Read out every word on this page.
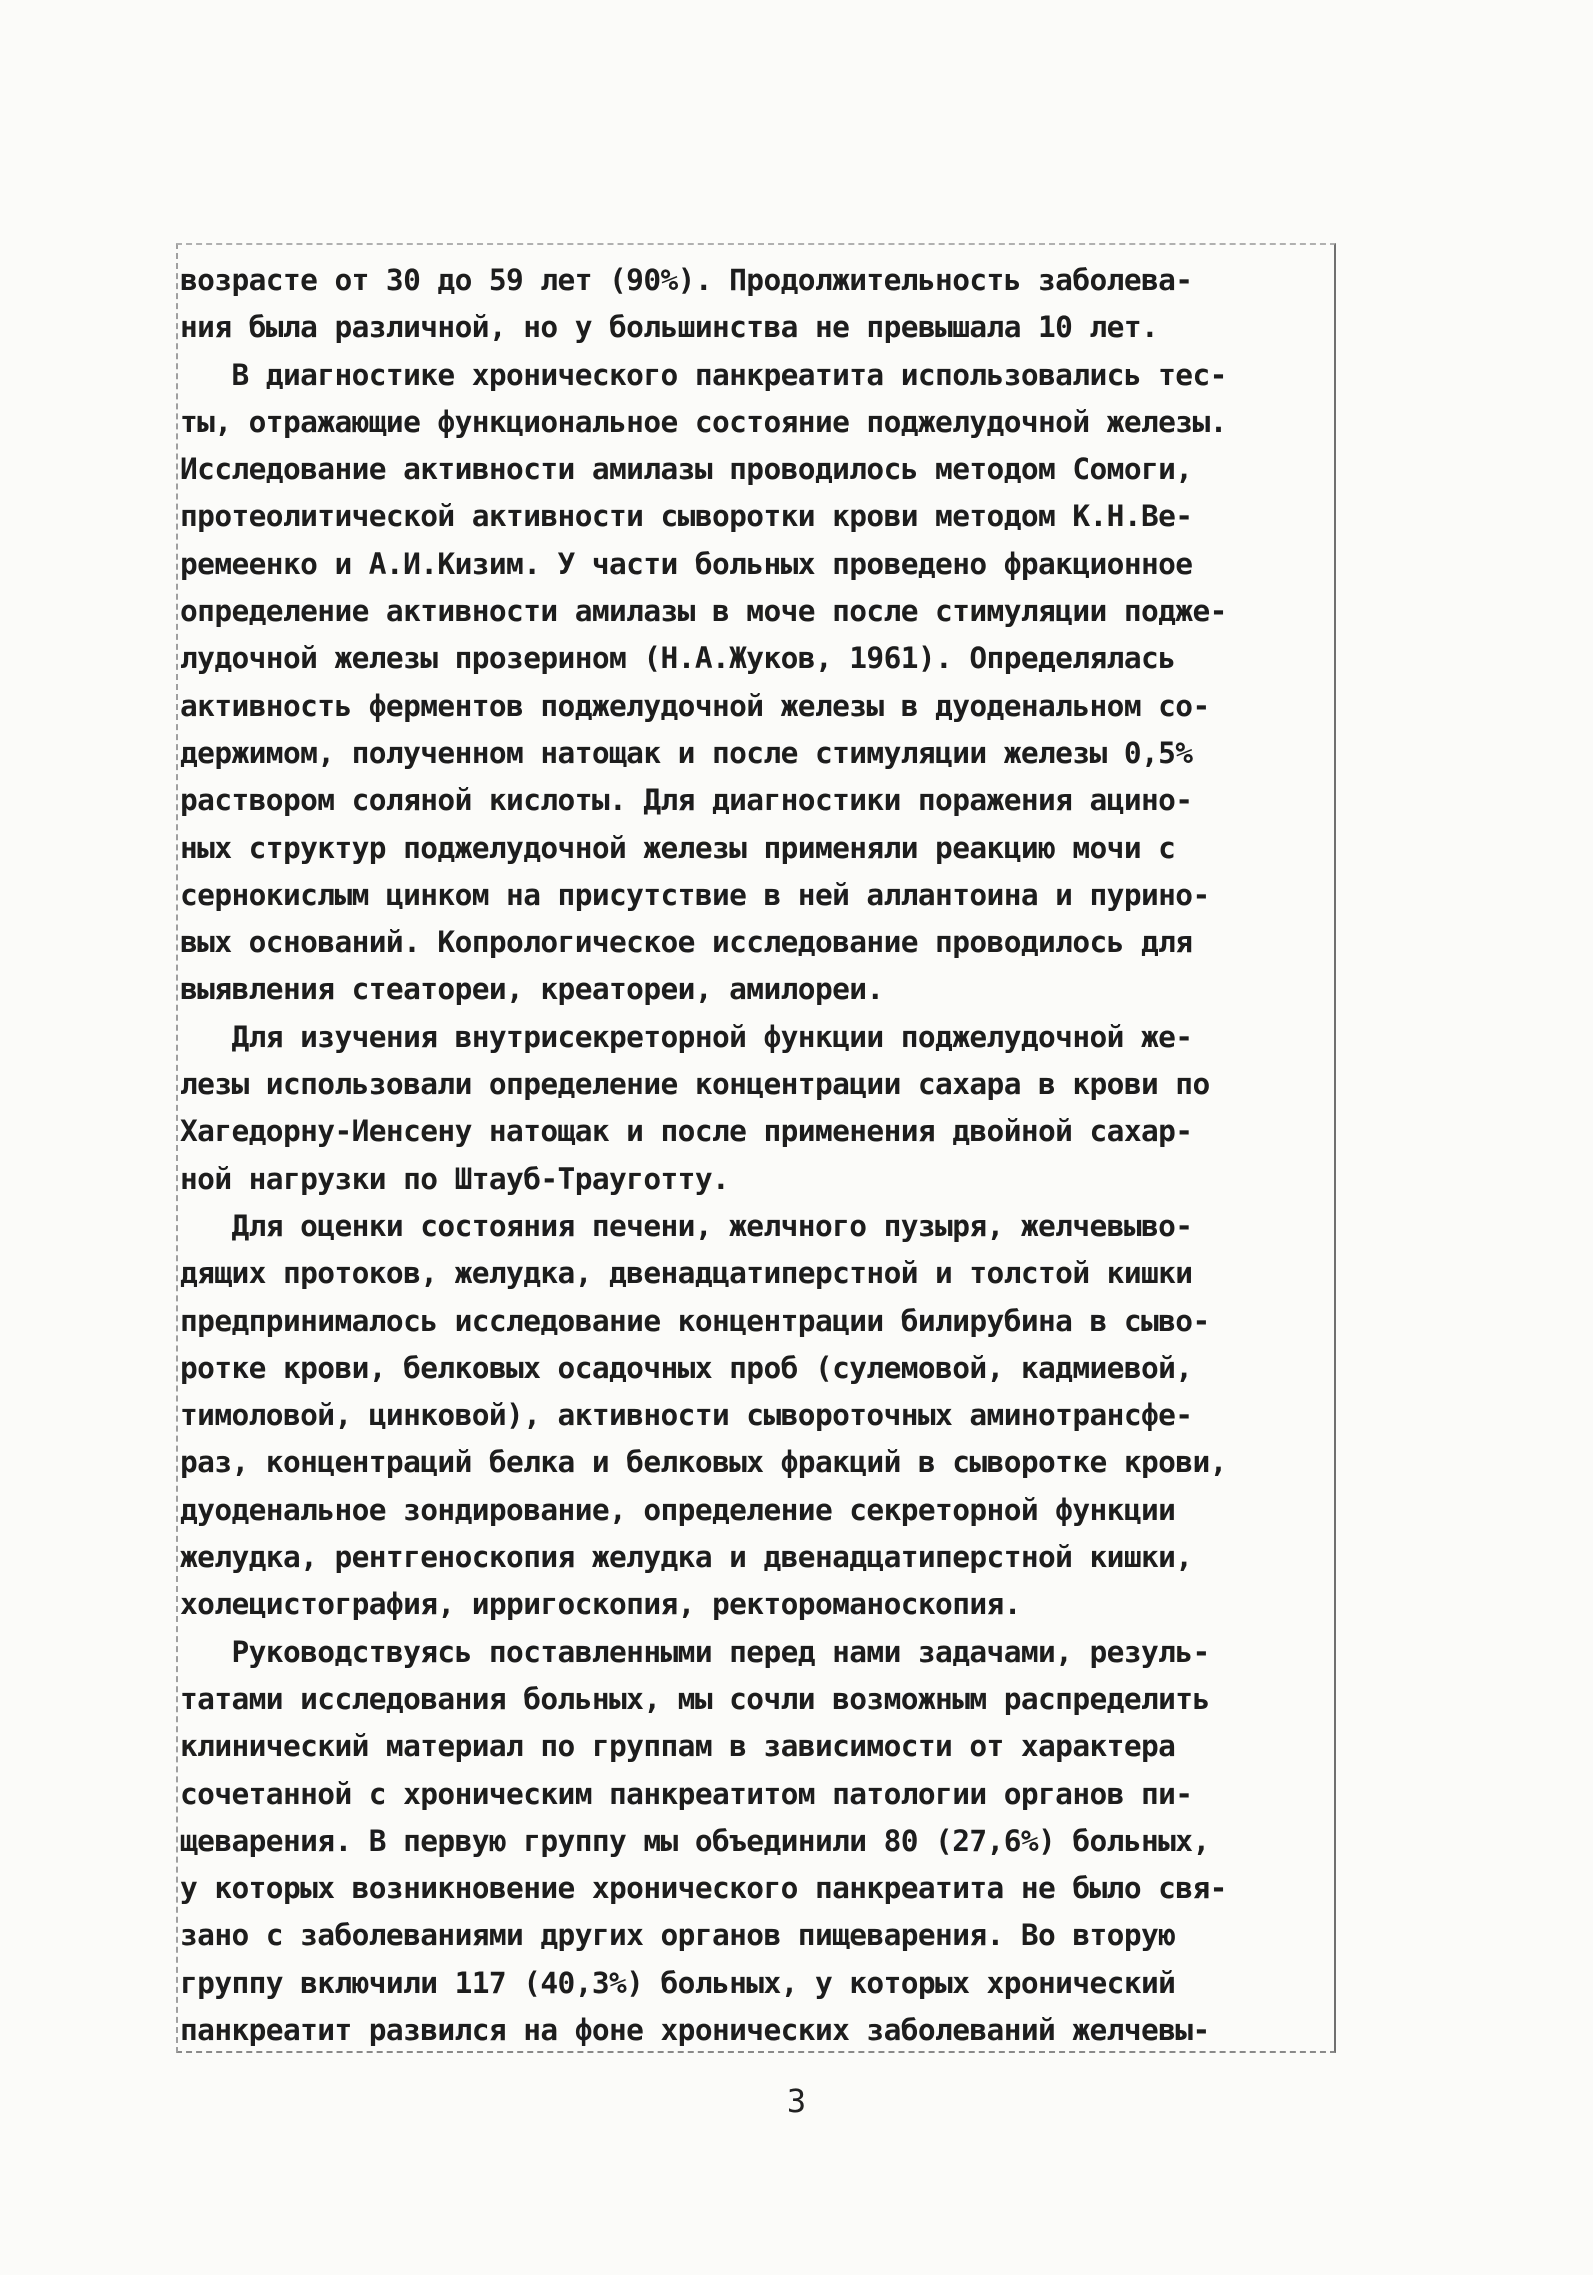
возрасте от 30 до 59 лет (90%). Продолжительность заболева-
ния была различной, но у большинства не превышала 10 лет.
В диагностике хронического панкреатита использовались тес-
ты, отражающие функциональное состояние поджелудочной железы.
Исследование активности амилазы проводилось методом Сомоги,
протеолитической активности сыворотки крови методом К.Н.Ве-
ремеенко и А.И.Кизим. У части больных проведено фракционное
определение активности амилазы в моче после стимуляции подже-
лудочной железы прозерином (Н.А.Жуков, 1961). Определялась
активность ферментов поджелудочной железы в дуоденальном со-
держимом, полученном натощак и после стимуляции железы 0,5%
раствором соляной кислоты. Для диагностики поражения ацино-
ных структур поджелудочной железы применяли реакцию мочи с
сернокислым цинком на присутствие в ней аллантоина и пурино-
вых оснований. Копрологическое исследование проводилось для
выявления стеатореи, креатореи, амилореи.
Для изучения внутрисекреторной функции поджелудочной же-
лезы использовали определение концентрации сахара в крови по
Хагедорну-Иенсену натощак и после применения двойной сахар-
ной нагрузки по Штауб-Трауготту.
Для оценки состояния печени, желчного пузыря, желчевыво-
дящих протоков, желудка, двенадцатиперстной и толстой кишки
предпринималось исследование концентрации билирубина в сыво-
ротке крови, белковых осадочных проб (сулемовой, кадмиевой,
тимоловой, цинковой), активности сывороточных аминотрансфе-
раз, концентраций белка и белковых фракций в сыворотке крови,
дуоденальное зондирование, определение секреторной функции
желудка, рентгеноскопия желудка и двенадцатиперстной кишки,
холецистография, ирригоскопия, ректороманоскопия.
Руководствуясь поставленными перед нами задачами, резуль-
татами исследования больных, мы сочли возможным распределить
клинический материал по группам в зависимости от характера
сочетанной с хроническим панкреатитом патологии органов пи-
щеварения. В первую группу мы объединили 80 (27,6%) больных,
у которых возникновение хронического панкреатита не было свя-
зано с заболеваниями других органов пищеварения. Во вторую
группу включили 117 (40,3%) больных, у которых хронический
панкреатит развился на фоне хронических заболеваний желчевы-
3
